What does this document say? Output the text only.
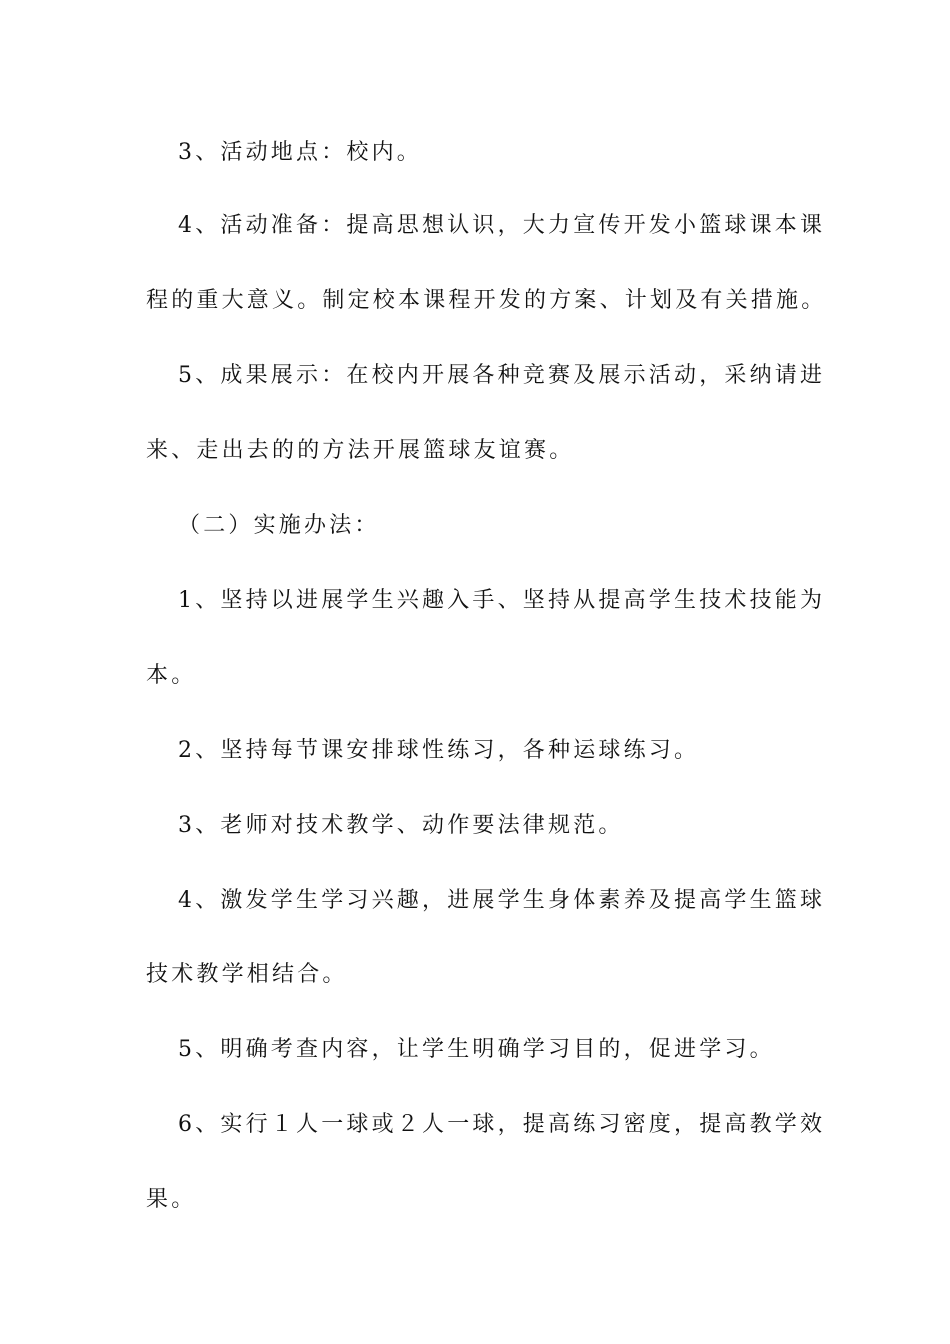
3、活动地点：校内。
4、活动准备：提高思想认识，大力宣传开发小篮球课本课
程的重大意义。制定校本课程开发的方案、计划及有关措施。
5、成果展示：在校内开展各种竞赛及展示活动，采纳请进
来、走出去的的方法开展篮球友谊赛。
（二）实施办法：
1、坚持以进展学生兴趣入手、坚持从提高学生技术技能为
本。
2、坚持每节课安排球性练习，各种运球练习。
3、老师对技术教学、动作要法律规范。
4、激发学生学习兴趣，进展学生身体素养及提高学生篮球
技术教学相结合。
5、明确考查内容，让学生明确学习目的，促进学习。
6、实行１人一球或２人一球，提高练习密度，提高教学效
果。
